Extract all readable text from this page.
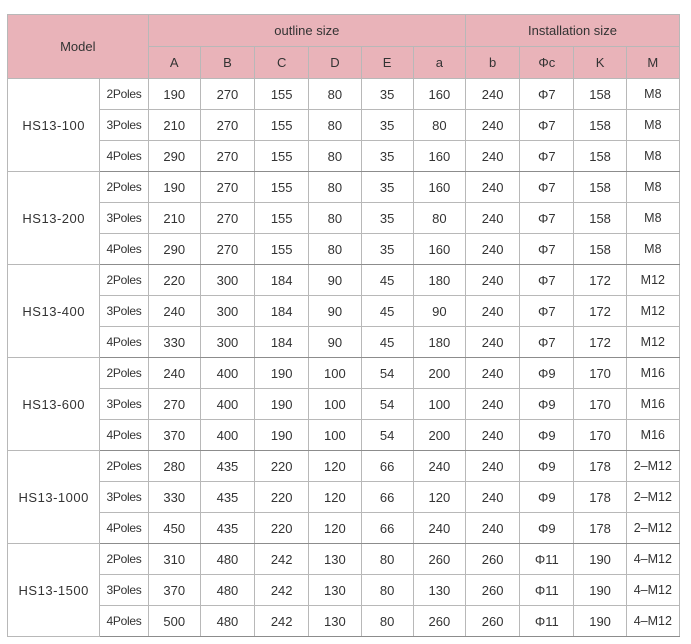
Model		outline size						Installation size			
		A	B	C	D	E	a	b	Φc	K	M
HS13-100	2Poles	190	270	155	80	35	160	240	Φ7	158	M8
	3Poles	210	270	155	80	35	80	240	Φ7	158	M8
	4Poles	290	270	155	80	35	160	240	Φ7	158	M8
HS13-200	2Poles	190	270	155	80	35	160	240	Φ7	158	M8
	3Poles	210	270	155	80	35	80	240	Φ7	158	M8
	4Poles	290	270	155	80	35	160	240	Φ7	158	M8
HS13-400	2Poles	220	300	184	90	45	180	240	Φ7	172	M12
	3Poles	240	300	184	90	45	90	240	Φ7	172	M12
	4Poles	330	300	184	90	45	180	240	Φ7	172	M12
HS13-600	2Poles	240	400	190	100	54	200	240	Φ9	170	M16
	3Poles	270	400	190	100	54	100	240	Φ9	170	M16
	4Poles	370	400	190	100	54	200	240	Φ9	170	M16
HS13-1000	2Poles	280	435	220	120	66	240	240	Φ9	178	2–M12
	3Poles	330	435	220	120	66	120	240	Φ9	178	2–M12
	4Poles	450	435	220	120	66	240	240	Φ9	178	2–M12
HS13-1500	2Poles	310	480	242	130	80	260	260	Φ11	190	4–M12
	3Poles	370	480	242	130	80	130	260	Φ11	190	4–M12
	4Poles	500	480	242	130	80	260	260	Φ11	190	4–M12
